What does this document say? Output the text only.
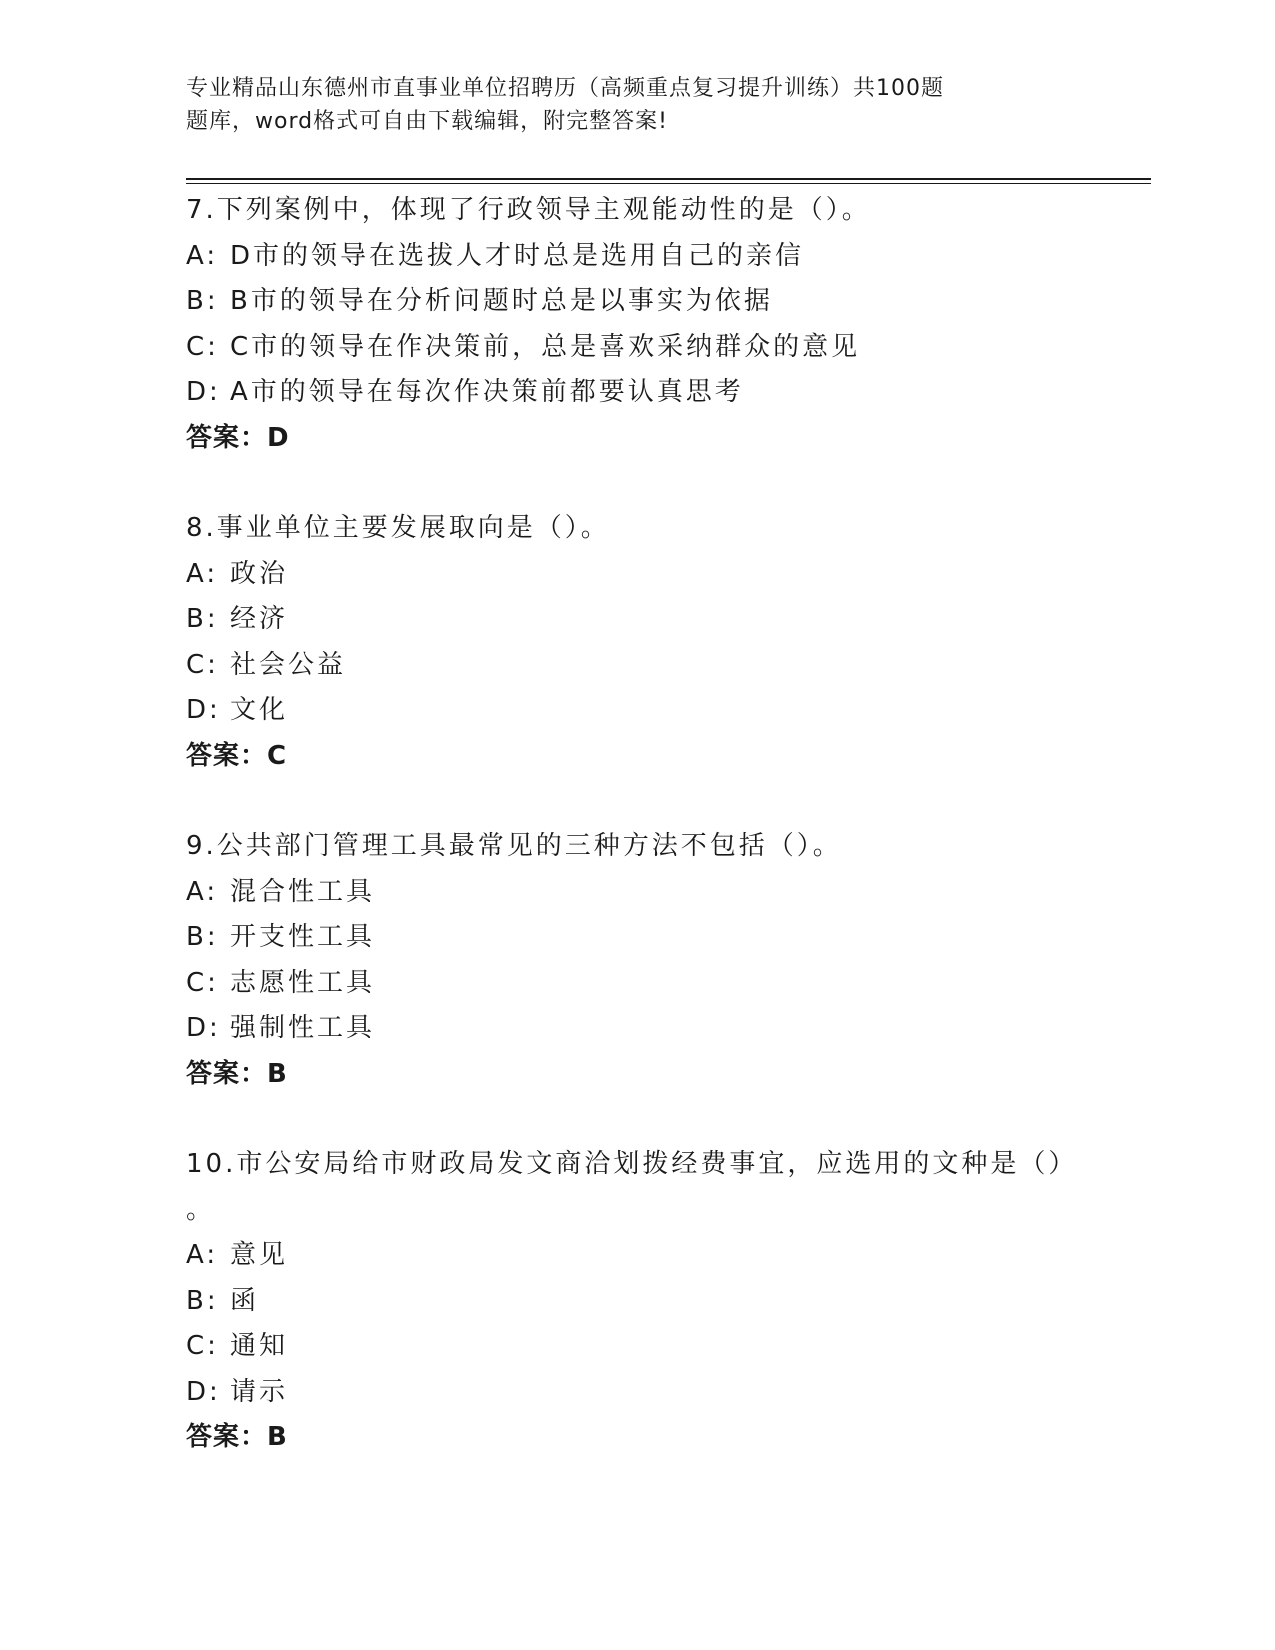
专业精品山东德州市直事业单位招聘历（高频重点复习提升训练）共100题
题库，word格式可自由下载编辑，附完整答案!
7.下列案例中，体现了行政领导主观能动性的是（）。
A: D市的领导在选拔人才时总是选用自己的亲信
B: B市的领导在分析问题时总是以事实为依据
C: C市的领导在作决策前，总是喜欢采纳群众的意见
D: A市的领导在每次作决策前都要认真思考
答案：D
8.事业单位主要发展取向是（）。
A: 政治
B: 经济
C: 社会公益
D: 文化
答案：C
9.公共部门管理工具最常见的三种方法不包括（）。
A: 混合性工具
B: 开支性工具
C: 志愿性工具
D: 强制性工具
答案：B
10.市公安局给市财政局发文商洽划拨经费事宜，应选用的文种是（）
。
A: 意见
B: 函
C: 通知
D: 请示
答案：B
